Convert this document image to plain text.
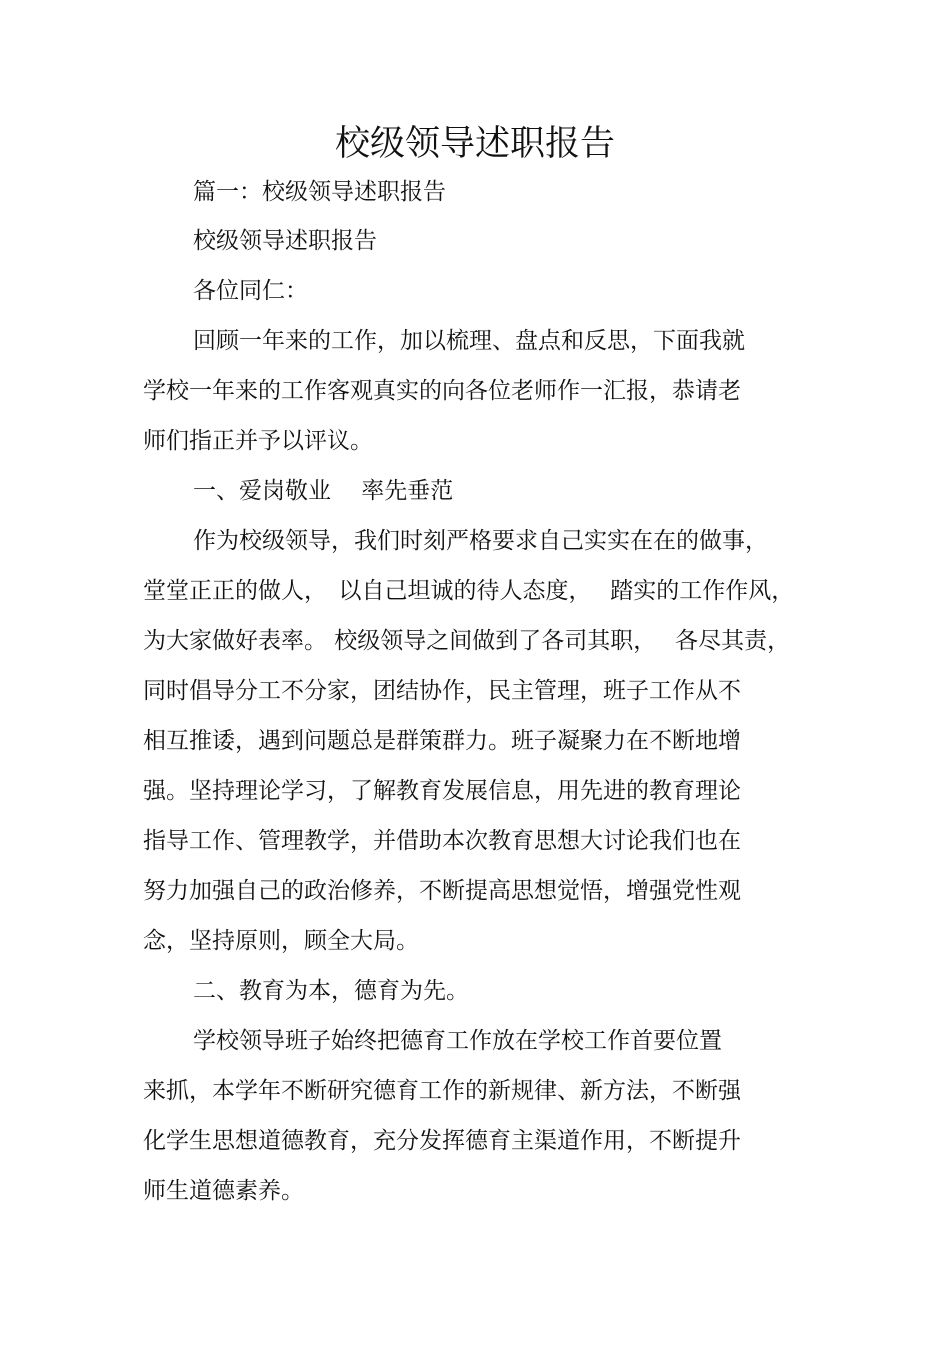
校级领导述职报告
篇一：校级领导述职报告
校级领导述职报告
各位同仁：
回顾一年来的工作，加以梳理、盘点和反思，下面我就
学校一年来的工作客观真实的向各位老师作一汇报，恭请老
师们指正并予以评议。
一、爱岗敬业　 率先垂范
作为校级领导，我们时刻严格要求自己实实在在的做事，
堂堂正正的做人，　以自己坦诚的待人态度，　 踏实的工作作风，
为大家做好表率。 校级领导之间做到了各司其职，　 各尽其责，
同时倡导分工不分家，团结协作，民主管理，班子工作从不
相互推诿，遇到问题总是群策群力。班子凝聚力在不断地增
强。坚持理论学习，了解教育发展信息，用先进的教育理论
指导工作、管理教学，并借助本次教育思想大讨论我们也在
努力加强自己的政治修养，不断提高思想觉悟，增强党性观
念，坚持原则，顾全大局。
二、教育为本，德育为先。
学校领导班子始终把德育工作放在学校工作首要位置
来抓，本学年不断研究德育工作的新规律、新方法，不断强
化学生思想道德教育，充分发挥德育主渠道作用，不断提升
师生道德素养。
